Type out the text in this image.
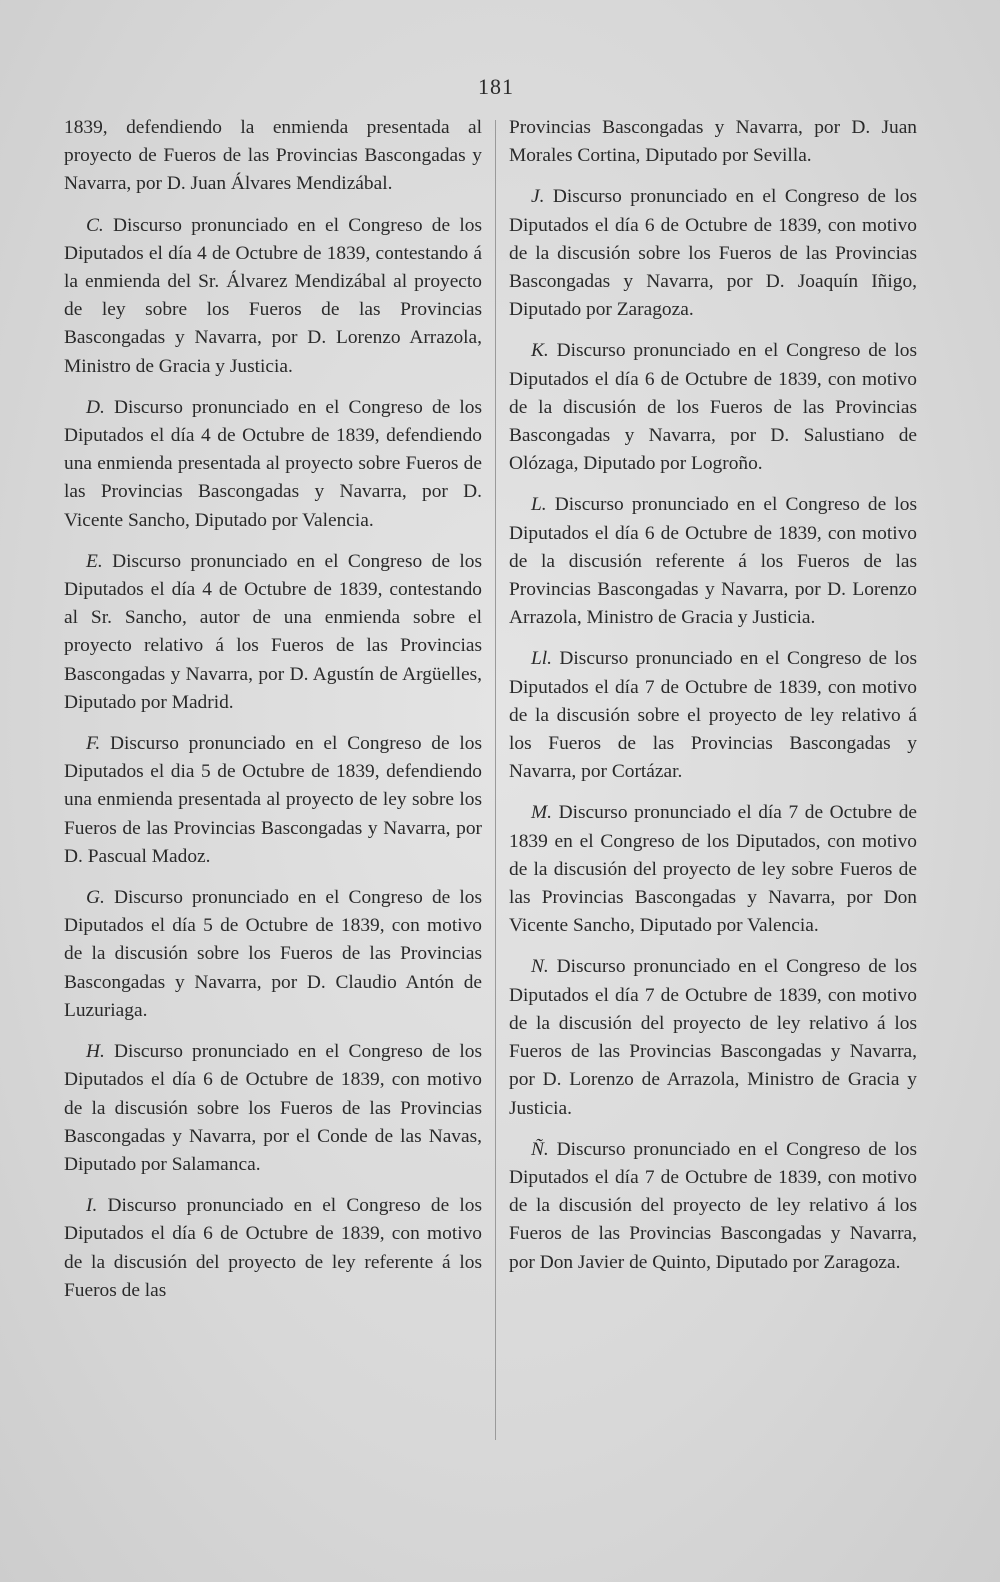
181

1839, defendiendo la enmienda presentada al proyecto de Fueros de las Provincias Bascongadas y Navarra, por D. Juan Álvares Mendizábal.

C. Discurso pronunciado en el Congreso de los Diputados el día 4 de Octubre de 1839, contestando á la enmienda del Sr. Álvarez Mendizábal al proyecto de ley sobre los Fueros de las Provincias Bascongadas y Navarra, por D. Lorenzo Arrazola, Ministro de Gracia y Justicia.

D. Discurso pronunciado en el Congreso de los Diputados el día 4 de Octubre de 1839, defendiendo una enmienda presentada al proyecto sobre Fueros de las Provincias Bascongadas y Navarra, por D. Vicente Sancho, Diputado por Valencia.

E. Discurso pronunciado en el Congreso de los Diputados el día 4 de Octubre de 1839, contestando al Sr. Sancho, autor de una enmienda sobre el proyecto relativo á los Fueros de las Provincias Bascongadas y Navarra, por D. Agustín de Argüelles, Diputado por Madrid.

F. Discurso pronunciado en el Congreso de los Diputados el dia 5 de Octubre de 1839, defendiendo una enmienda presentada al proyecto de ley sobre los Fueros de las Provincias Bascongadas y Navarra, por D. Pascual Madoz.

G. Discurso pronunciado en el Congreso de los Diputados el día 5 de Octubre de 1839, con motivo de la discusión sobre los Fueros de las Provincias Bascongadas y Navarra, por D. Claudio Antón de Luzuriaga.

H. Discurso pronunciado en el Congreso de los Diputados el día 6 de Octubre de 1839, con motivo de la discusión sobre los Fueros de las Provincias Bascongadas y Navarra, por el Conde de las Navas, Diputado por Salamanca.

I. Discurso pronunciado en el Congreso de los Diputados el día 6 de Octubre de 1839, con motivo de la discusión del proyecto de ley referente á los Fueros de las

Provincias Bascongadas y Navarra, por D. Juan Morales Cortina, Diputado por Sevilla.

J. Discurso pronunciado en el Congreso de los Diputados el día 6 de Octubre de 1839, con motivo de la discusión sobre los Fueros de las Provincias Bascongadas y Navarra, por D. Joaquín Iñigo, Diputado por Zaragoza.

K. Discurso pronunciado en el Congreso de los Diputados el día 6 de Octubre de 1839, con motivo de la discusión de los Fueros de las Provincias Bascongadas y Navarra, por D. Salustiano de Olózaga, Diputado por Logroño.

L. Discurso pronunciado en el Congreso de los Diputados el día 6 de Octubre de 1839, con motivo de la discusión referente á los Fueros de las Provincias Bascongadas y Navarra, por D. Lorenzo Arrazola, Ministro de Gracia y Justicia.

Ll. Discurso pronunciado en el Congreso de los Diputados el día 7 de Octubre de 1839, con motivo de la discusión sobre el proyecto de ley relativo á los Fueros de las Provincias Bascongadas y Navarra, por Cortázar.

M. Discurso pronunciado el día 7 de Octubre de 1839 en el Congreso de los Diputados, con motivo de la discusión del proyecto de ley sobre Fueros de las Provincias Bascongadas y Navarra, por Don Vicente Sancho, Diputado por Valencia.

N. Discurso pronunciado en el Congreso de los Diputados el día 7 de Octubre de 1839, con motivo de la discusión del proyecto de ley relativo á los Fueros de las Provincias Bascongadas y Navarra, por D. Lorenzo de Arrazola, Ministro de Gracia y Justicia.

Ñ. Discurso pronunciado en el Congreso de los Diputados el día 7 de Octubre de 1839, con motivo de la discusión del proyecto de ley relativo á los Fueros de las Provincias Bascongadas y Navarra, por Don Javier de Quinto, Diputado por Zaragoza.
